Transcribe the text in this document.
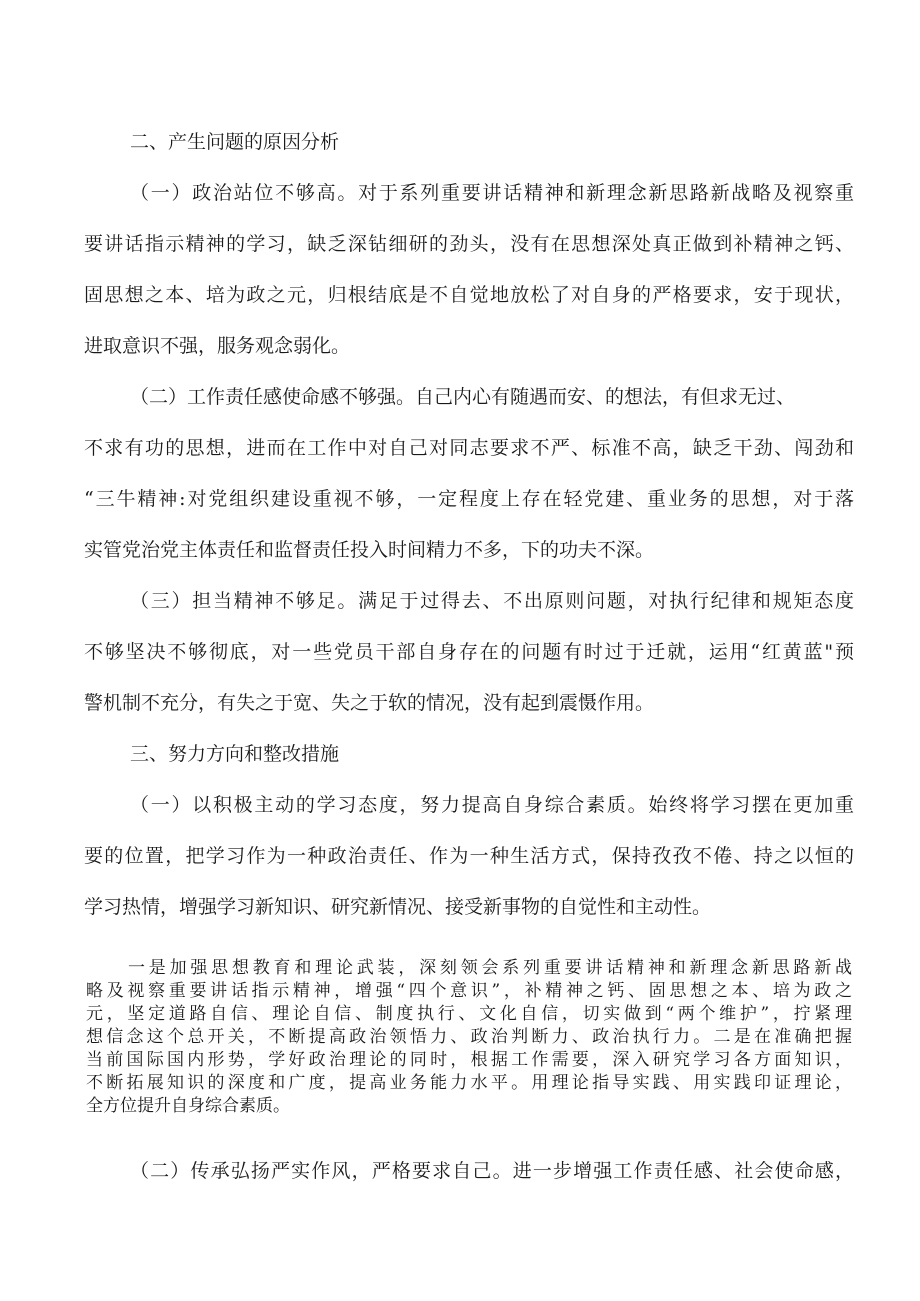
二、产生问题的原因分析
（一）政治站位不够高。对于系列重要讲话精神和新理念新思路新战略及视察重
要讲话指示精神的学习，缺乏深钻细研的劲头，没有在思想深处真正做到补精神之钙、
固思想之本、培为政之元，归根结底是不自觉地放松了对自身的严格要求，安于现状，
进取意识不强，服务观念弱化。
（二）工作责任感使命感不够强。自己内心有随遇而安、的想法，有但求无过、
不求有功的思想，进而在工作中对自己对同志要求不严、标准不高，缺乏干劲、闯劲和
“三牛精神:对党组织建设重视不够，一定程度上存在轻党建、重业务的思想，对于落
实管党治党主体责任和监督责任投入时间精力不多，下的功夫不深。
（三）担当精神不够足。满足于过得去、不出原则问题，对执行纪律和规矩态度
不够坚决不够彻底，对一些党员干部自身存在的问题有时过于迁就，运用“红黄蓝"预
警机制不充分，有失之于宽、失之于软的情况，没有起到震慑作用。
三、努力方向和整改措施
（一）以积极主动的学习态度，努力提高自身综合素质。始终将学习摆在更加重
要的位置，把学习作为一种政治责任、作为一种生活方式，保持孜孜不倦、持之以恒的
学习热情，增强学习新知识、研究新情况、接受新事物的自觉性和主动性。
一是加强思想教育和理论武装，深刻领会系列重要讲话精神和新理念新思路新战
略及视察重要讲话指示精神，增强“四个意识”，补精神之钙、固思想之本、培为政之
元，坚定道路自信、理论自信、制度执行、文化自信，切实做到“两个维护”，拧紧理
想信念这个总开关，不断提高政治领悟力、政治判断力、政治执行力。二是在准确把握
当前国际国内形势，学好政治理论的同时，根据工作需要，深入研究学习各方面知识，
不断拓展知识的深度和广度，提高业务能力水平。用理论指导实践、用实践印证理论，
全方位提升自身综合素质。
（二）传承弘扬严实作风，严格要求自己。进一步增强工作责任感、社会使命感，
